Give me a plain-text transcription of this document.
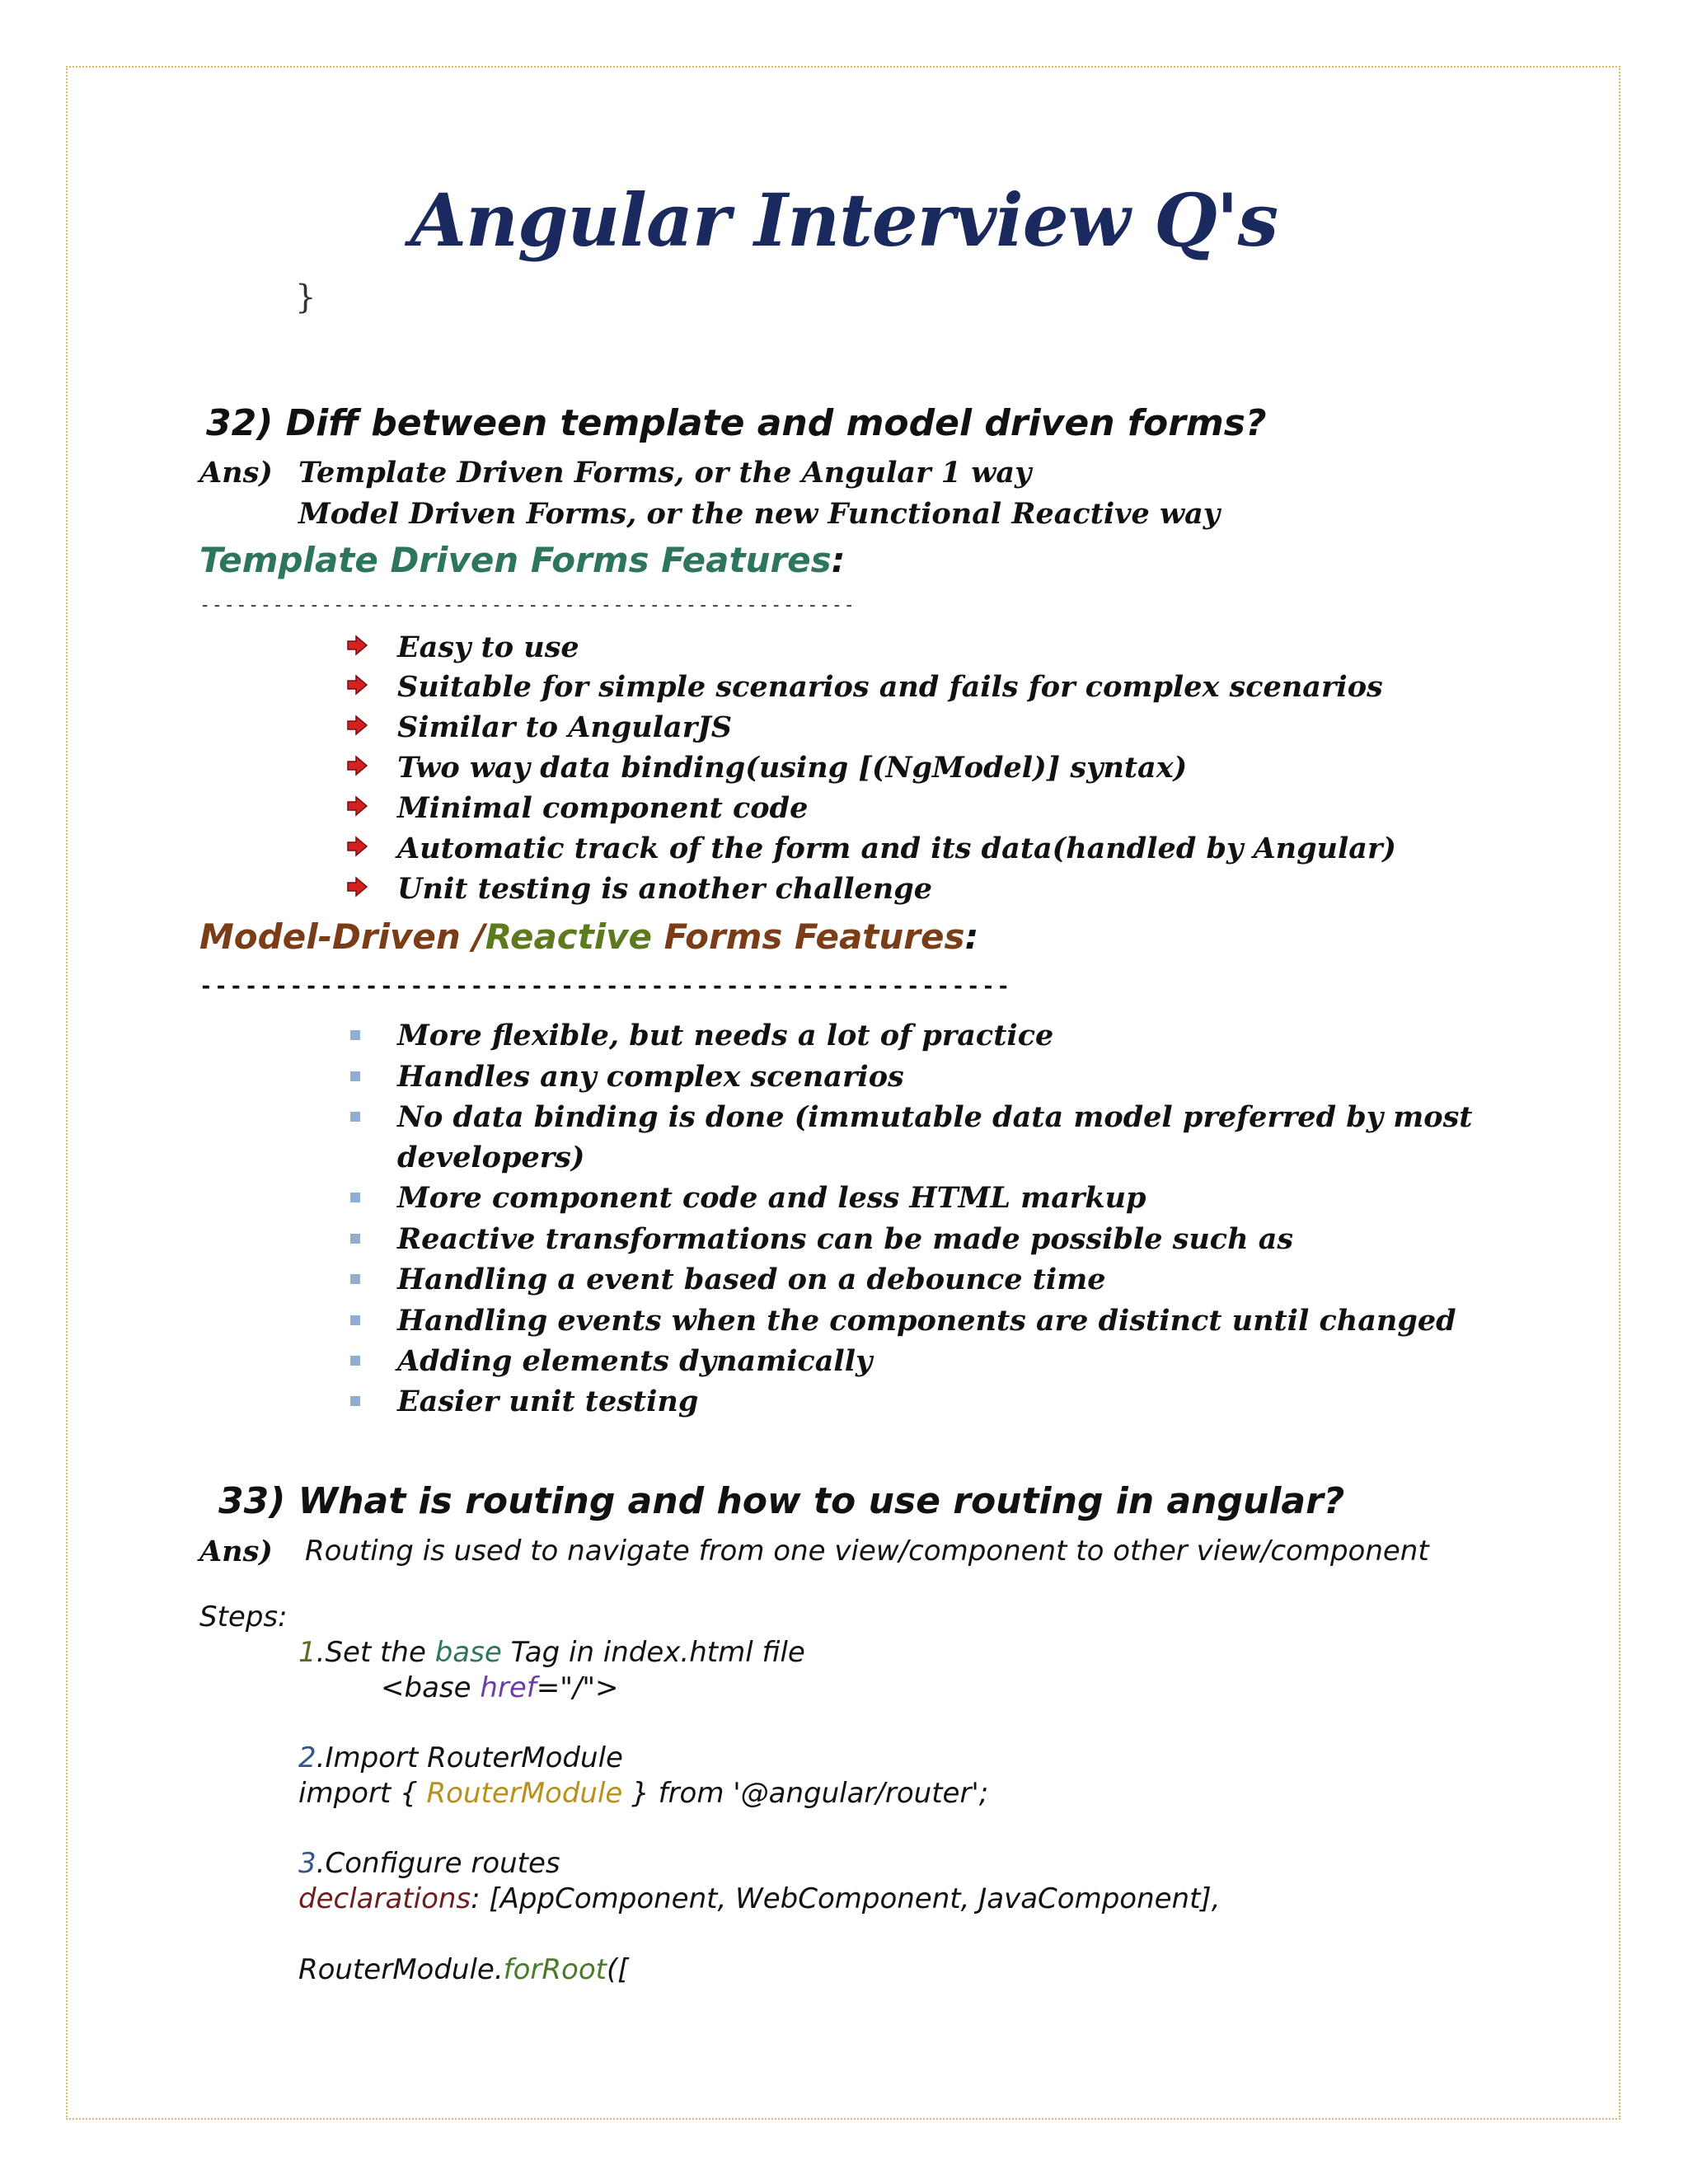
Angular Interview Q's
}
32) Diff between template and model driven forms?
Ans) Template Driven Forms, or the Angular 1 way
Model Driven Forms, or the new Functional Reactive way
Template Driven Forms Features:
------------------------------------------------------
Easy to use
Suitable for simple scenarios and fails for complex scenarios
Similar to AngularJS
Two way data binding(using [(NgModel)] syntax)
Minimal component code
Automatic track of the form and its data(handled by Angular)
Unit testing is another challenge
Model-Driven /Reactive Forms Features:
------------------------------------------------------
More flexible, but needs a lot of practice
Handles any complex scenarios
No data binding is done (immutable data model preferred by most
developers)
More component code and less HTML markup
Reactive transformations can be made possible such as
Handling a event based on a debounce time
Handling events when the components are distinct until changed
Adding elements dynamically
Easier unit testing
33) What is routing and how to use routing in angular?
Ans) Routing is used to navigate from one view/component to other view/component
Steps:
1.Set the base Tag in index.html file
<base href="/">
2.Import RouterModule
import { RouterModule } from '@angular/router';
3.Configure routes
declarations: [AppComponent, WebComponent, JavaComponent],
RouterModule.forRoot([
